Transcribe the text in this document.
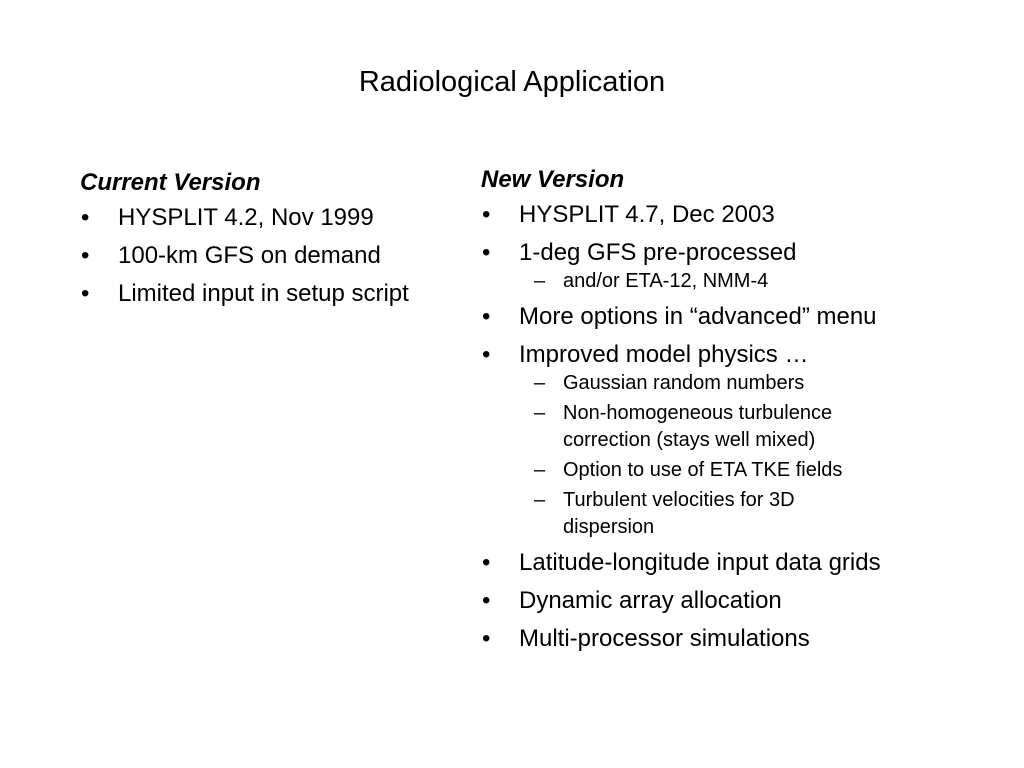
Radiological Application
Current Version
• HYSPLIT 4.2, Nov 1999
• 100-km GFS on demand
• Limited input in setup script
New Version
• HYSPLIT 4.7, Dec 2003
• 1-deg GFS pre-processed
– and/or ETA-12, NMM-4
• More options in “advanced” menu
• Improved model physics …
– Gaussian random numbers
– Non-homogeneous turbulence correction (stays well mixed)
– Option to use of ETA TKE fields
– Turbulent velocities for 3D dispersion
• Latitude-longitude input data grids
• Dynamic array allocation
• Multi-processor simulations
